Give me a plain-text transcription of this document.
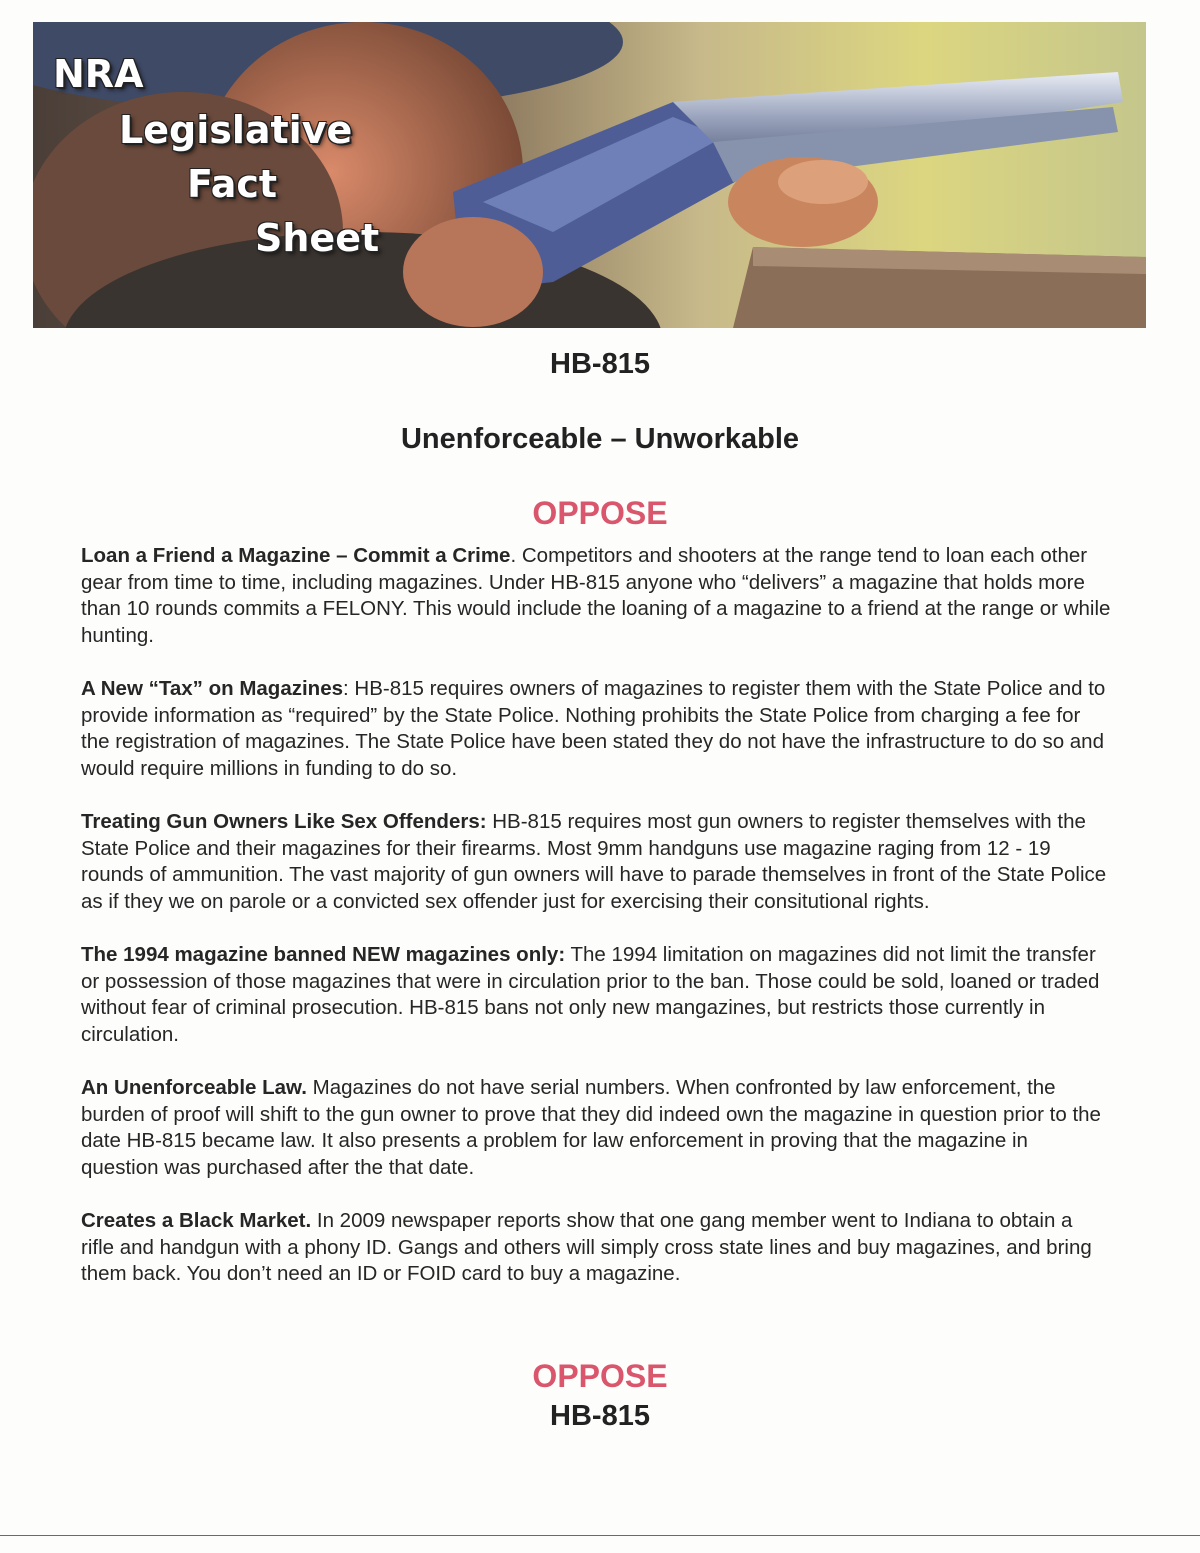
NRA
Legislative
Fact
Sheet
HB-815
Unenforceable – Unworkable
OPPOSE

Loan a Friend a Magazine – Commit a Crime. Competitors and shooters at the range tend to loan each other gear from time to time, including magazines. Under HB-815 anyone who “delivers” a magazine that holds more than 10 rounds commits a FELONY. This would include the loaning of a magazine to a friend at the range or while hunting.

A New “Tax” on Magazines: HB-815 requires owners of magazines to register them with the State Police and to provide information as “required” by the State Police. Nothing prohibits the State Police from charging a fee for the registration of magazines. The State Police have been stated they do not have the infrastructure to do so and would require millions in funding to do so.

Treating Gun Owners Like Sex Offenders: HB-815 requires most gun owners to register themselves with the State Police and their magazines for their firearms. Most 9mm handguns use magazine raging from 12 - 19 rounds of ammunition. The vast majority of gun owners will have to parade themselves in front of the State Police as if they we on parole or a convicted sex offender just for exercising their consitutional rights.

The 1994 magazine banned NEW magazines only: The 1994 limitation on magazines did not limit the transfer or possession of those magazines that were in circulation prior to the ban. Those could be sold, loaned or traded without fear of criminal prosecution. HB-815 bans not only new mangazines, but restricts those currently in circulation.

An Unenforceable Law. Magazines do not have serial numbers. When confronted by law enforcement, the burden of proof will shift to the gun owner to prove that they did indeed own the magazine in question prior to the date HB-815 became law. It also presents a problem for law enforcement in proving that the magazine in question was purchased after the that date.

Creates a Black Market. In 2009 newspaper reports show that one gang member went to Indiana to obtain a rifle and handgun with a phony ID. Gangs and others will simply cross state lines and buy magazines, and bring them back. You don’t need an ID or FOID card to buy a magazine.

OPPOSE
HB-815
